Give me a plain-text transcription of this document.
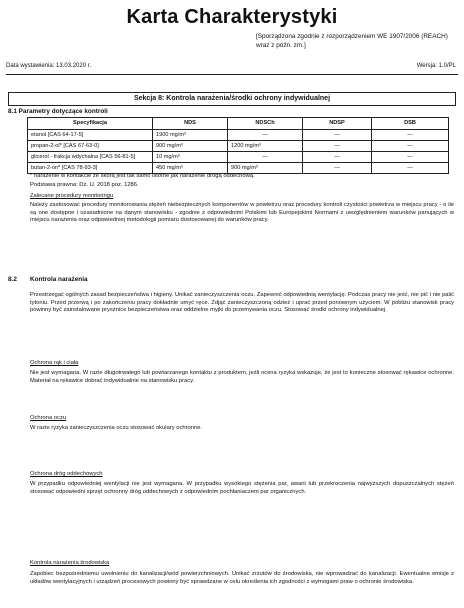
Karta Charakterystyki
[Sporządzona zgodnie z rozporządzeniem WE 1907/2006 (REACH) wraz z późn. zm.]
Data wystawienia: 13.03.2020 r.	Wersja: 1.0/PL
Sekcja 8: Kontrola narażenia/środki ochrony indywidualnej
8.1 Parametry dotyczące kontroli
Specyfikacja	NDS	NDSCh	NDSP	DSB
etanol [CAS 64-17-5]	1900 mg/m³	—	—	—
propan-2-ol* [CAS 67-63-0]	900 mg/m³	1200 mg/m³	—	—
glicerol - frakcja wdychalna [CAS 56-81-5]	10 mg/m³	—	—	—
butan-2-on* [CAS 78-93-3]	450 mg/m³	900 mg/m³	—	—
* narażenie w kontakcie ze skórą jest tak samo istotne jak narażenie drogą oddechową.
Podstawa prawna: Dz. U. 2018 poz. 1286.
Zalecane procedury monitoringu
Należy zastosować procedury monitorowania stężeń niebezpiecznych komponentów w powietrzu oraz procedury kontroli czystości powietrza w miejscu pracy - o ile są one dostępne i uzasadnione na danym stanowisku - zgodnie z odpowiednimi Polskimi lub Europejskimi Normami z uwzględnieniem warunków panujących w miejscu narażenia oraz odpowiedniej metodologii pomiaru dostosowanej do warunków pracy.
8.2 Kontrola narażenia
Przestrzegać ogólnych zasad bezpieczeństwa i higieny. Unikać zanieczyszczenia oczu. Zapewnić odpowiednią wentylację. Podczas pracy nie jeść, nie pić i nie palić tytoniu. Przed przerwą i po zakończeniu pracy dokładnie umyć ręce. Zdjąć zanieczyszczoną odzież i uprać przed ponownym użyciem. W pobliżu stanowisk pracy powinny być zainstalowane prysznice bezpieczeństwa oraz oddzielne myjki do przemywania oczu. Stosować środki ochrony indywidualnej.
Ochrona rąk i ciała
Nie jest wymagana. W razie długotrwałego lub powtarzanego kontaktu z produktem, jeśli ocena ryzyka wskazuje, że jest to konieczne stosować rękawice ochronne. Materiał na rękawice dobrać indywidualnie na stanowisku pracy.
Ochrona oczu
W razie ryzyka zanieczyszczenia oczu stosować okulary ochronne.
Ochrona dróg oddechowych
W przypadku odpowiedniej wentylacji nie jest wymagana. W przypadku wysokiego stężenia par, awarii lub przekroczenia najwyższych dopuszczalnych stężeń stosować odpowiedni sprzęt ochronny dróg oddechowych z odpowiednim pochłaniaczem par organicznych.
Kontrola narażenia środowiska
Zapobiec bezpośredniemu uwolnieniu do kanalizacji/wód powierzchniowych. Unikać zrzutów do środowiska, nie wprowadzać do kanalizacji. Ewentualne emisje z układów wentylacyjnych i urządzeń procesowych powinny być sprawdzane w celu określenia ich zgodności z wymogami praw o ochronie środowiska.
